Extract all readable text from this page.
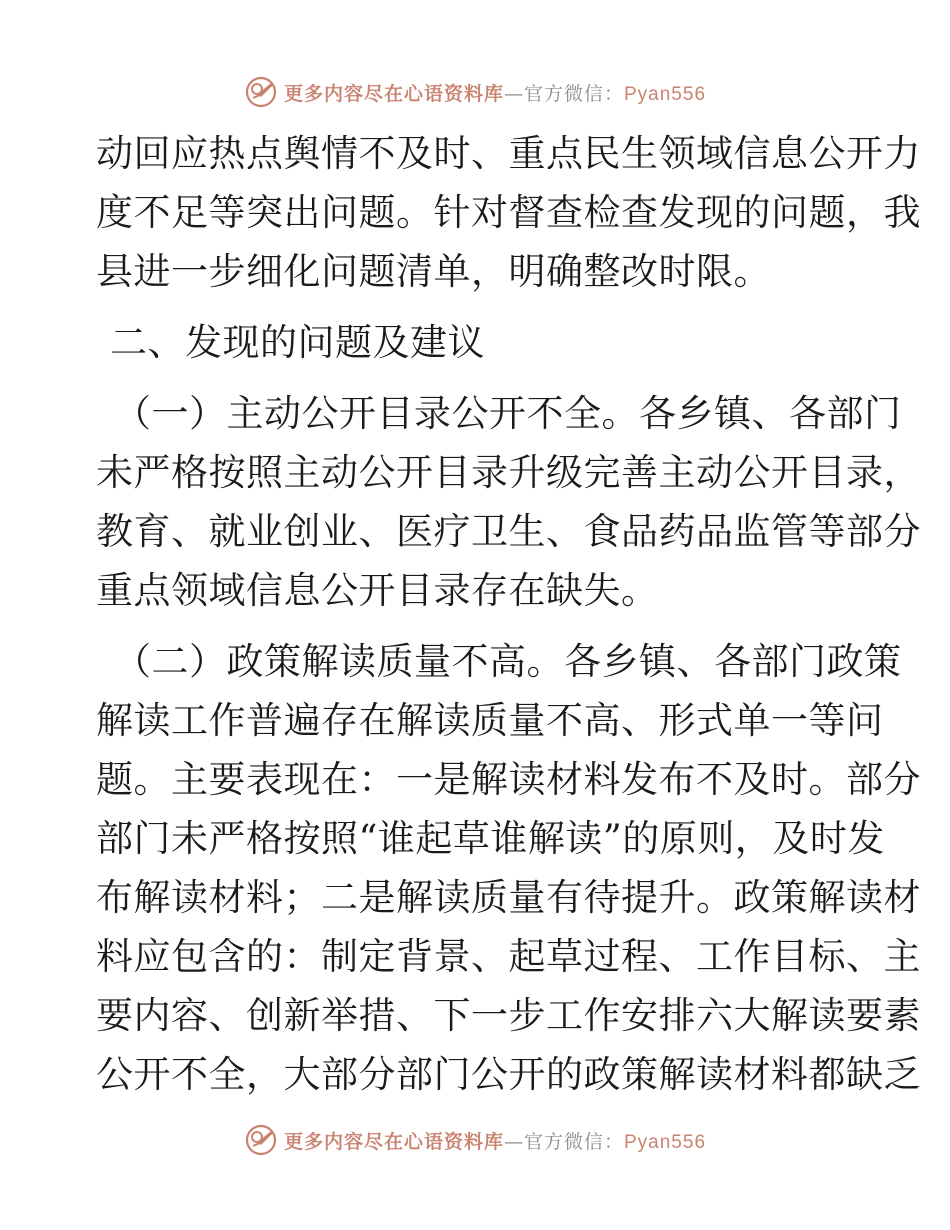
更多内容尽在心语资料库—官方微信：Pyan556
动回应热点舆情不及时、重点民生领域信息公开力
度不足等突出问题。针对督查检查发现的问题，我
县进一步细化问题清单，明确整改时限。
二、发现的问题及建议
（一）主动公开目录公开不全。各乡镇、各部门
未严格按照主动公开目录升级完善主动公开目录，
教育、就业创业、医疗卫生、食品药品监管等部分
重点领域信息公开目录存在缺失。
（二）政策解读质量不高。各乡镇、各部门政策
解读工作普遍存在解读质量不高、形式单一等问
题。主要表现在：一是解读材料发布不及时。部分
部门未严格按照“谁起草谁解读”的原则，及时发
布解读材料；二是解读质量有待提升。政策解读材
料应包含的：制定背景、起草过程、工作目标、主
要内容、创新举措、下一步工作安排六大解读要素
公开不全，大部分部门公开的政策解读材料都缺乏
更多内容尽在心语资料库—官方微信：Pyan556
